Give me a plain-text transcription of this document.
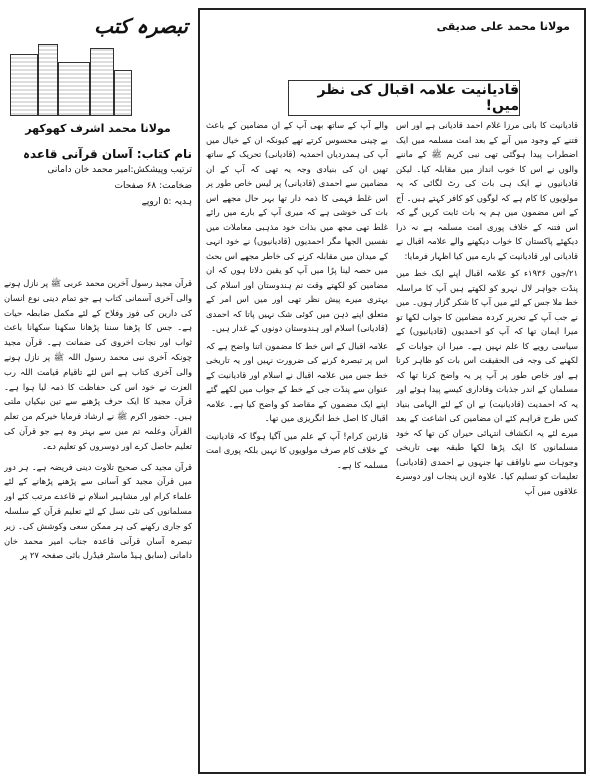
تبصرہ کتب
مولانا محمد اشرف کھوکھر
نام کتاب: آسان قرآنی قاعدہ
ترتیب وپیشکش:امیر محمد خان دامانی
ضخامت: ۶۸ صفحات
ہدیہ :۵ اروپے

قرآن مجید رسول آخرین محمد عربی ﷺ پر نازل ہونے والی آخری آسمانی کتاب ہے جو تمام دینی نوع انسان کی دارین کی فوز وفلاح کے لئے مکمل ضابطہ حیات ہے۔ جس کا پڑھنا سننا پڑھانا سکھنا سکھانا باعث ثواب اور نجات اخروی کی ضمانت ہے۔ قرآن مجید چونکہ آخری نبی محمد رسول اللہ ﷺ پر نازل ہونے والی آخری کتاب ہے اس لئے تاقیام قیامت اللہ رب العزت نے خود اس کی حفاظت کا ذمہ لیا ہوا ہے۔ قرآن مجید کا ایک حرف پڑھنے سے تین نیکیاں ملتی ہیں۔ حضور اکرم ﷺ نے ارشاد فرمایا خیرکم من تعلم القرآن وعلمہ تم میں سے بہتر وہ ہے جو قرآن کی تعلیم حاصل کرے اور دوسروں کو تعلیم دے۔

قرآن مجید کی صحیح تلاوت دینی فریضہ ہے۔ ہر دور میں قرآن مجید کو آسانی سے پڑھنے پڑھانے کے لئے علماء کرام اور مشاہیر اسلام نے قاعدے مرتب کئے اور مسلمانوں کی نئی نسل کے لئے تعلیم قرآن کے سلسلہ کو جاری رکھنے کی ہر ممکن سعی وکوشش کی۔ زیر تبصرہ آسان قرآنی قاعدہ جناب امیر محمد خان دامانی (سابق ہیڈ ماسٹر فیڈرل بائی صفحہ ۲۷ پر

مولانا محمد علی صدیقی
قادیانیت علامہ اقبال کی نظر میں!

قادیانیت کا بانی مرزا غلام احمد قادیانی ہے اور اس فتنے کے وجود میں آنے کے بعد امت مسلمہ میں ایک اضطراب پیدا ہوگئی تھی نبی کریم ﷺ کے ماننے والوں نے اس کا خوب انداز میں مقابلہ کیا۔ لیکن قادیانیوں نے ایک ہی بات کی رٹ لگائی کہ یہ مولویوں کا کام ہے کہ لوگوں کو کافر کہتے ہیں۔ آج کے اس مضمون میں ہم یہ بات ثابت کریں گے کہ اس فتنہ کے خلاف پوری امت مسلمہ ہے نہ ذرا دیکھئے پاکستان کا خواب دیکھنے والے علامہ اقبال نے قادیانی اور قادیانیت کے بارے میں کیا اظہار فرمایا:

۲۱/جون ۱۹۳۶ء کو علامہ اقبال اپنے ایک خط میں پنڈت جواہر لال نہرو کو لکھتے ہیں آپ کا مراسلہ خط ملا جس کے لئے میں آپ کا شکر گزار ہوں۔ میں نے جب آپ کے تحریر کردہ مضامین کا جواب لکھا تو میرا ایمان تھا کہ آپ کو احمدیوں (قادیانیوں) کے سیاسی رویے کا علم نہیں ہے۔ میرا ان جوابات کے لکھنے کی وجہ فی الحقیقت اس بات کو ظاہر کرنا ہے اور خاص طور پر آپ پر یہ واضح کرنا تھا کہ مسلمان کے اندر جذبات وفاداری کیسے پیدا ہوئے اور یہ کہ احمدیت (قادیانیت) نے ان کے لئے الہامی بنیاد کس طرح فراہم کئے ان مضامین کی اشاعت کے بعد میرے لئے یہ انکشاف انتہائی حیران کن تھا کہ خود مسلمانوں کا ایک پڑھا لکھا طبقہ بھی تاریخی وجوہات سے ناواقف تھا جنہوں نے احمدی (قادیانی) تعلیمات کو تسلیم کیا۔ علاوہ ازیں پنجاب اور دوسرے علاقوں میں آپ

والے آپ کے ساتھ بھی آپ کے ان مضامین کے باعث بے چینی محسوس کرتے تھے کیونکہ ان کے خیال میں آپ کی ہمدردیاں احمدیہ (قادیانی) تحریک کے ساتھ تھیں ان کی بنیادی وجہ یہ تھی کہ آپ کے ان مضامین سے احمدی (قادیانی) پر لیس خاص طور پر اس غلط فہمی کا ذمہ دار تھا بہر حال مجھے اس بات کی خوشی ہے کہ میری آپ کے بارے میں رائے غلط تھی مجھ میں بذات خود مذہبی معاملات میں نفسیں الجھا مگر احمدیوں (قادیانیوں) نے خود انہی کے میدان میں مقابلہ کرنے کی خاطر مجھے اس بحث میں حصہ لینا پڑا میں آپ کو یقین دلاتا ہوں کہ ان مضامین کو لکھتے وقت تم ہندوستان اور اسلام کی بہتری میرے پیش نظر تھی اور میں اس امر کے متعلق اپنے ذہن میں کوئی شک نہیں پاتا کہ احمدی (قادیانی) اسلام اور ہندوستان دونوں کے غدار ہیں۔

علامہ اقبال کے اس خط کا مضمون اتنا واضح ہے کہ اس پر تبصرہ کرنے کی ضرورت نہیں اور یہ تاریخی خط جس میں علامہ اقبال نے اسلام اور قادیانیت کے عنوان سے پنڈت جی کے خط کے جواب میں لکھے گئے اپنے ایک مضمون کے مقاصد کو واضح کیا ہے۔ علامہ اقبال کا اصل خط انگریزی میں تھا۔

قارئین کرام! آپ کے علم میں آگیا ہوگا کہ قادیانیت کے خلاف کام صرف مولویوں کا نہیں بلکہ پوری امت مسلمہ کا ہے۔
